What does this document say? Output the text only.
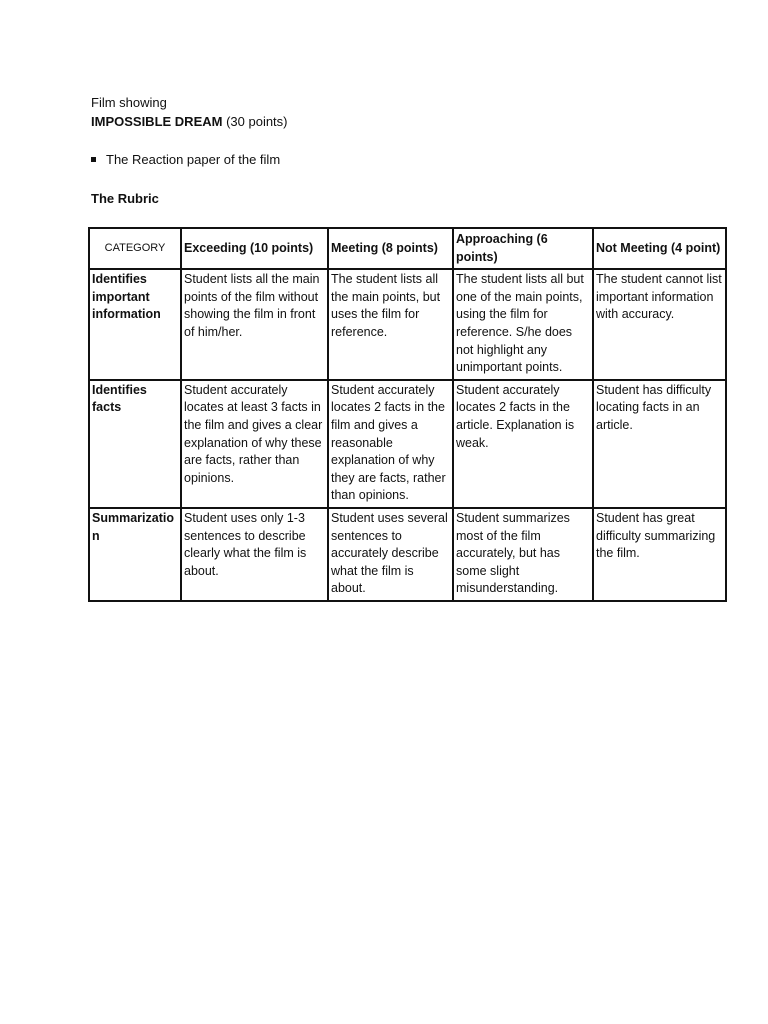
Film showing
IMPOSSIBLE DREAM (30 points)
The Reaction paper of the film
The Rubric
CATEGORY	Exceeding (10 points)	Meeting (8 points)	Approaching (6 points)	Not Meeting (4 point)
Identifies important information	Student lists all the main points of the film without showing the film in front of him/her.	The student lists all the main points, but uses the film for reference.	The student lists all but one of the main points, using the film for reference. S/he does not highlight any unimportant points.	The student cannot list important information with accuracy.
Identifies facts	Student accurately locates at least 3 facts in the film and gives a clear explanation of why these are facts, rather than opinions.	Student accurately locates 2 facts in the film and gives a reasonable explanation of why they are facts, rather than opinions.	Student accurately locates 2 facts in the article. Explanation is weak.	Student has difficulty locating facts in an article.
Summarization	Student uses only 1-3 sentences to describe clearly what the film is about.	Student uses several sentences to accurately describe what the film is about.	Student summarizes most of the film accurately, but has some slight misunderstanding.	Student has great difficulty summarizing the film.
